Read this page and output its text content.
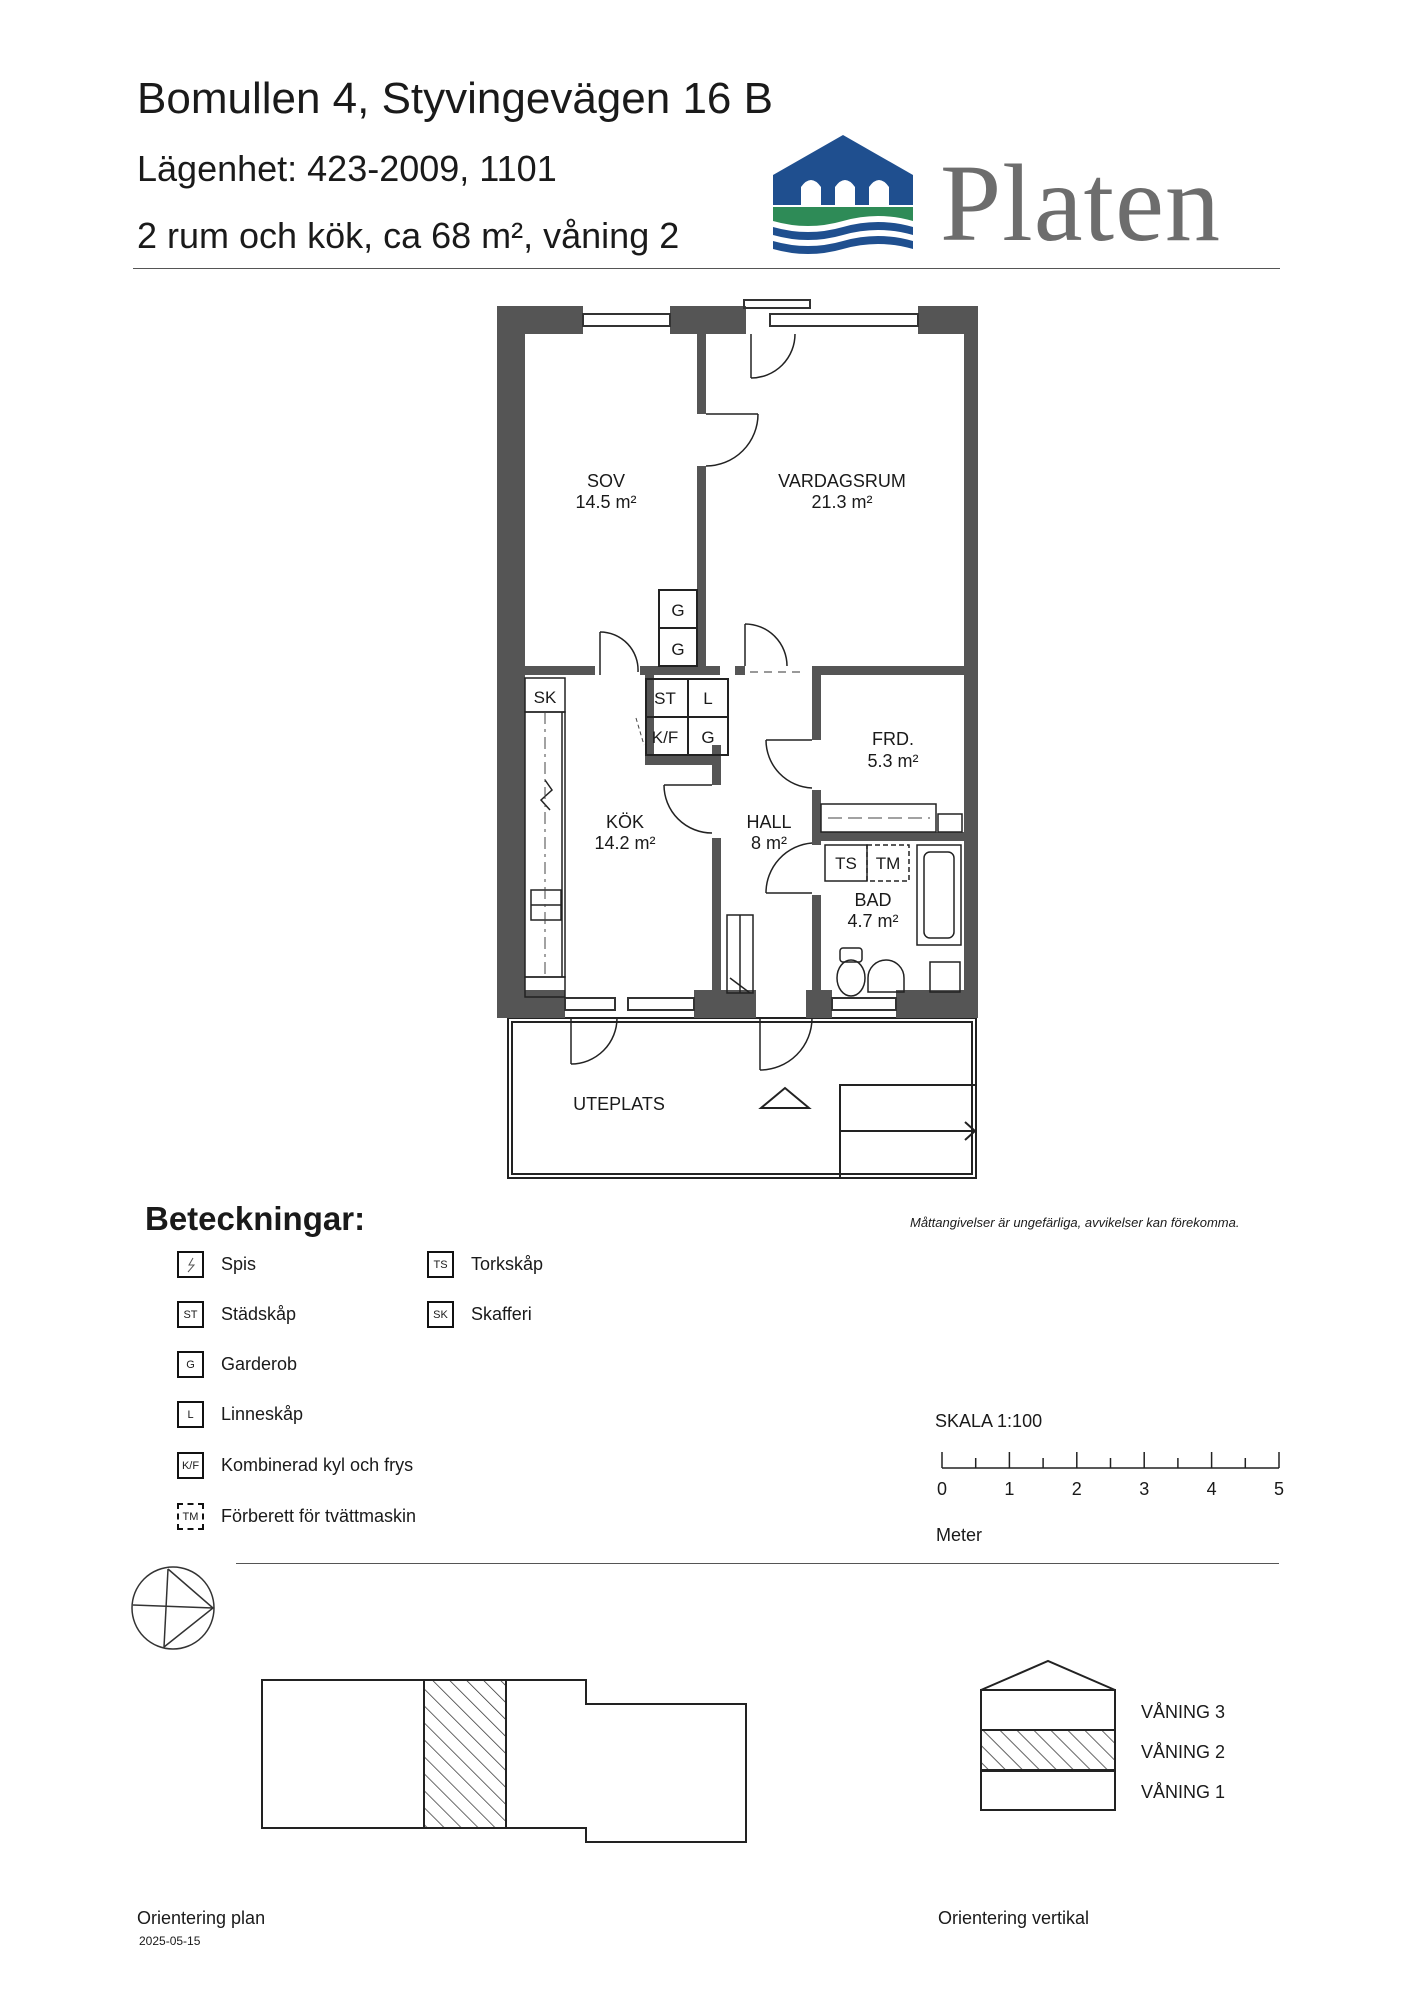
Bomullen 4, Styvingevägen 16 B
Lägenhet: 423-2009, 1101
2 rum och kök, ca 68 m², våning 2 Platen
G
G
ST L
K/F G
SK
TS TM
SOV
14.5 m²
VARDAGSRUM
21.3 m²
FRD.
5.3 m²
KÖK
14.2 m²
HALL
8 m²
BAD
4.7 m²
UTEPLATS
Beteckningar:	Måttangivelser är ungefärliga, avvikelser kan förekomma.
Spis
ST	Städskåp
G	Garderob
L	Linneskåp
K/F Kombinerad kyl och frys
TM	Förberett för tvättmaskin
TS	Torkskåp
SK	Skafferi
SKALA 1:100
0	1	2	3	4	5
Meter
VÅNING 3
VÅNING 2
VÅNING 1
Orientering plan
2025-05-15
Orientering vertikal
